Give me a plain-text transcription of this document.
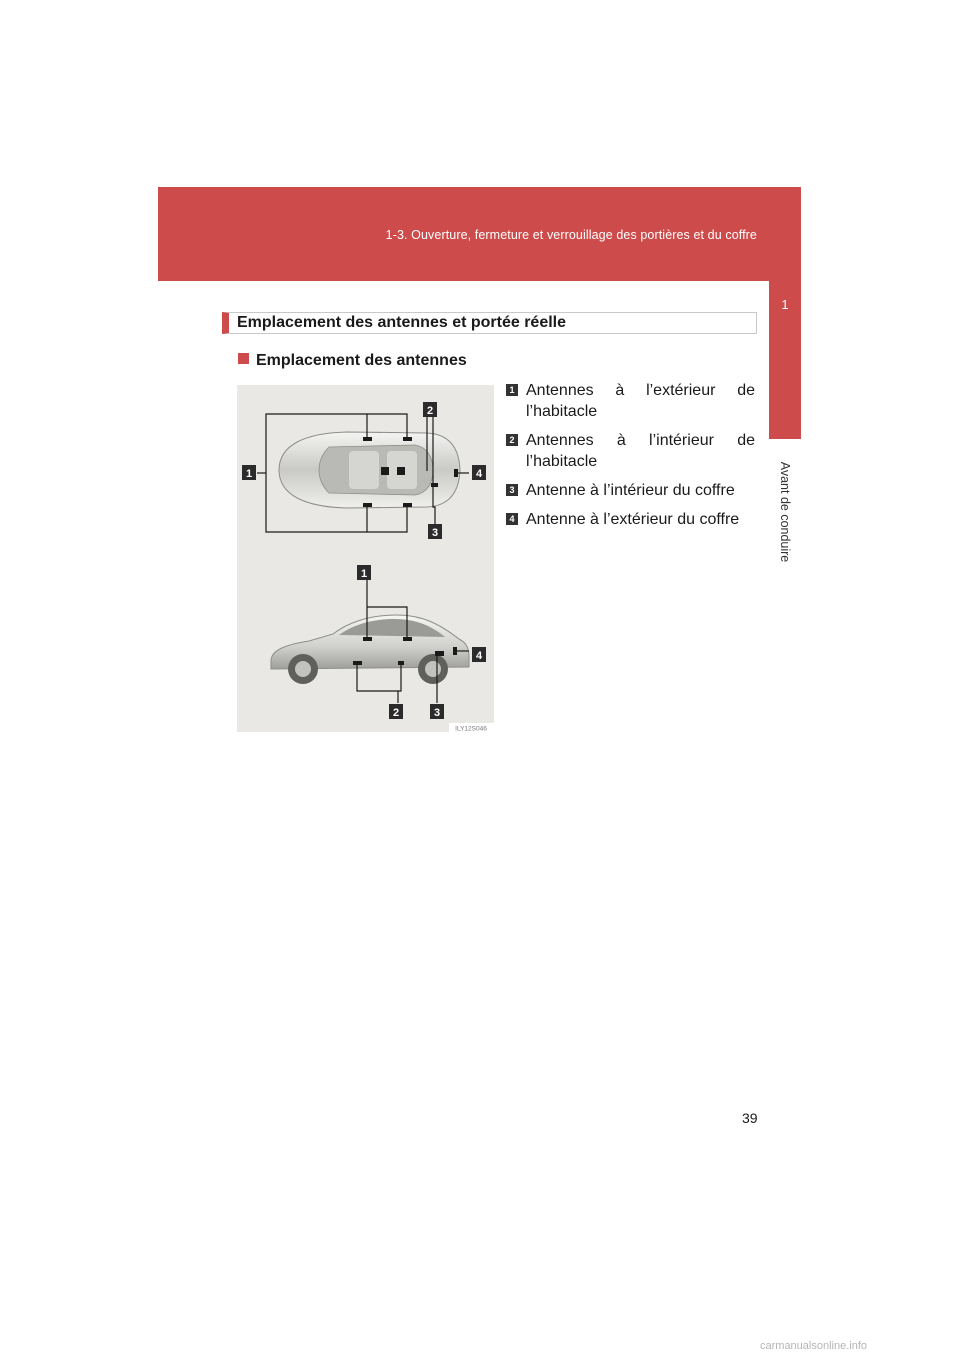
1-3. Ouverture, fermeture et verrouillage des portières et du coffre
1
Avant de conduire
Emplacement des antennes et portée réelle
Emplacement des antennes
1
2
3
4
1
4
2	3
ILY12S046
1 Antennes à l’extérieur de l’habitacle
2 Antennes à l’intérieur de l’habitacle
3 Antenne à l’intérieur du coffre
4 Antenne à l’extérieur du coffre
39
carmanualsonline.info
